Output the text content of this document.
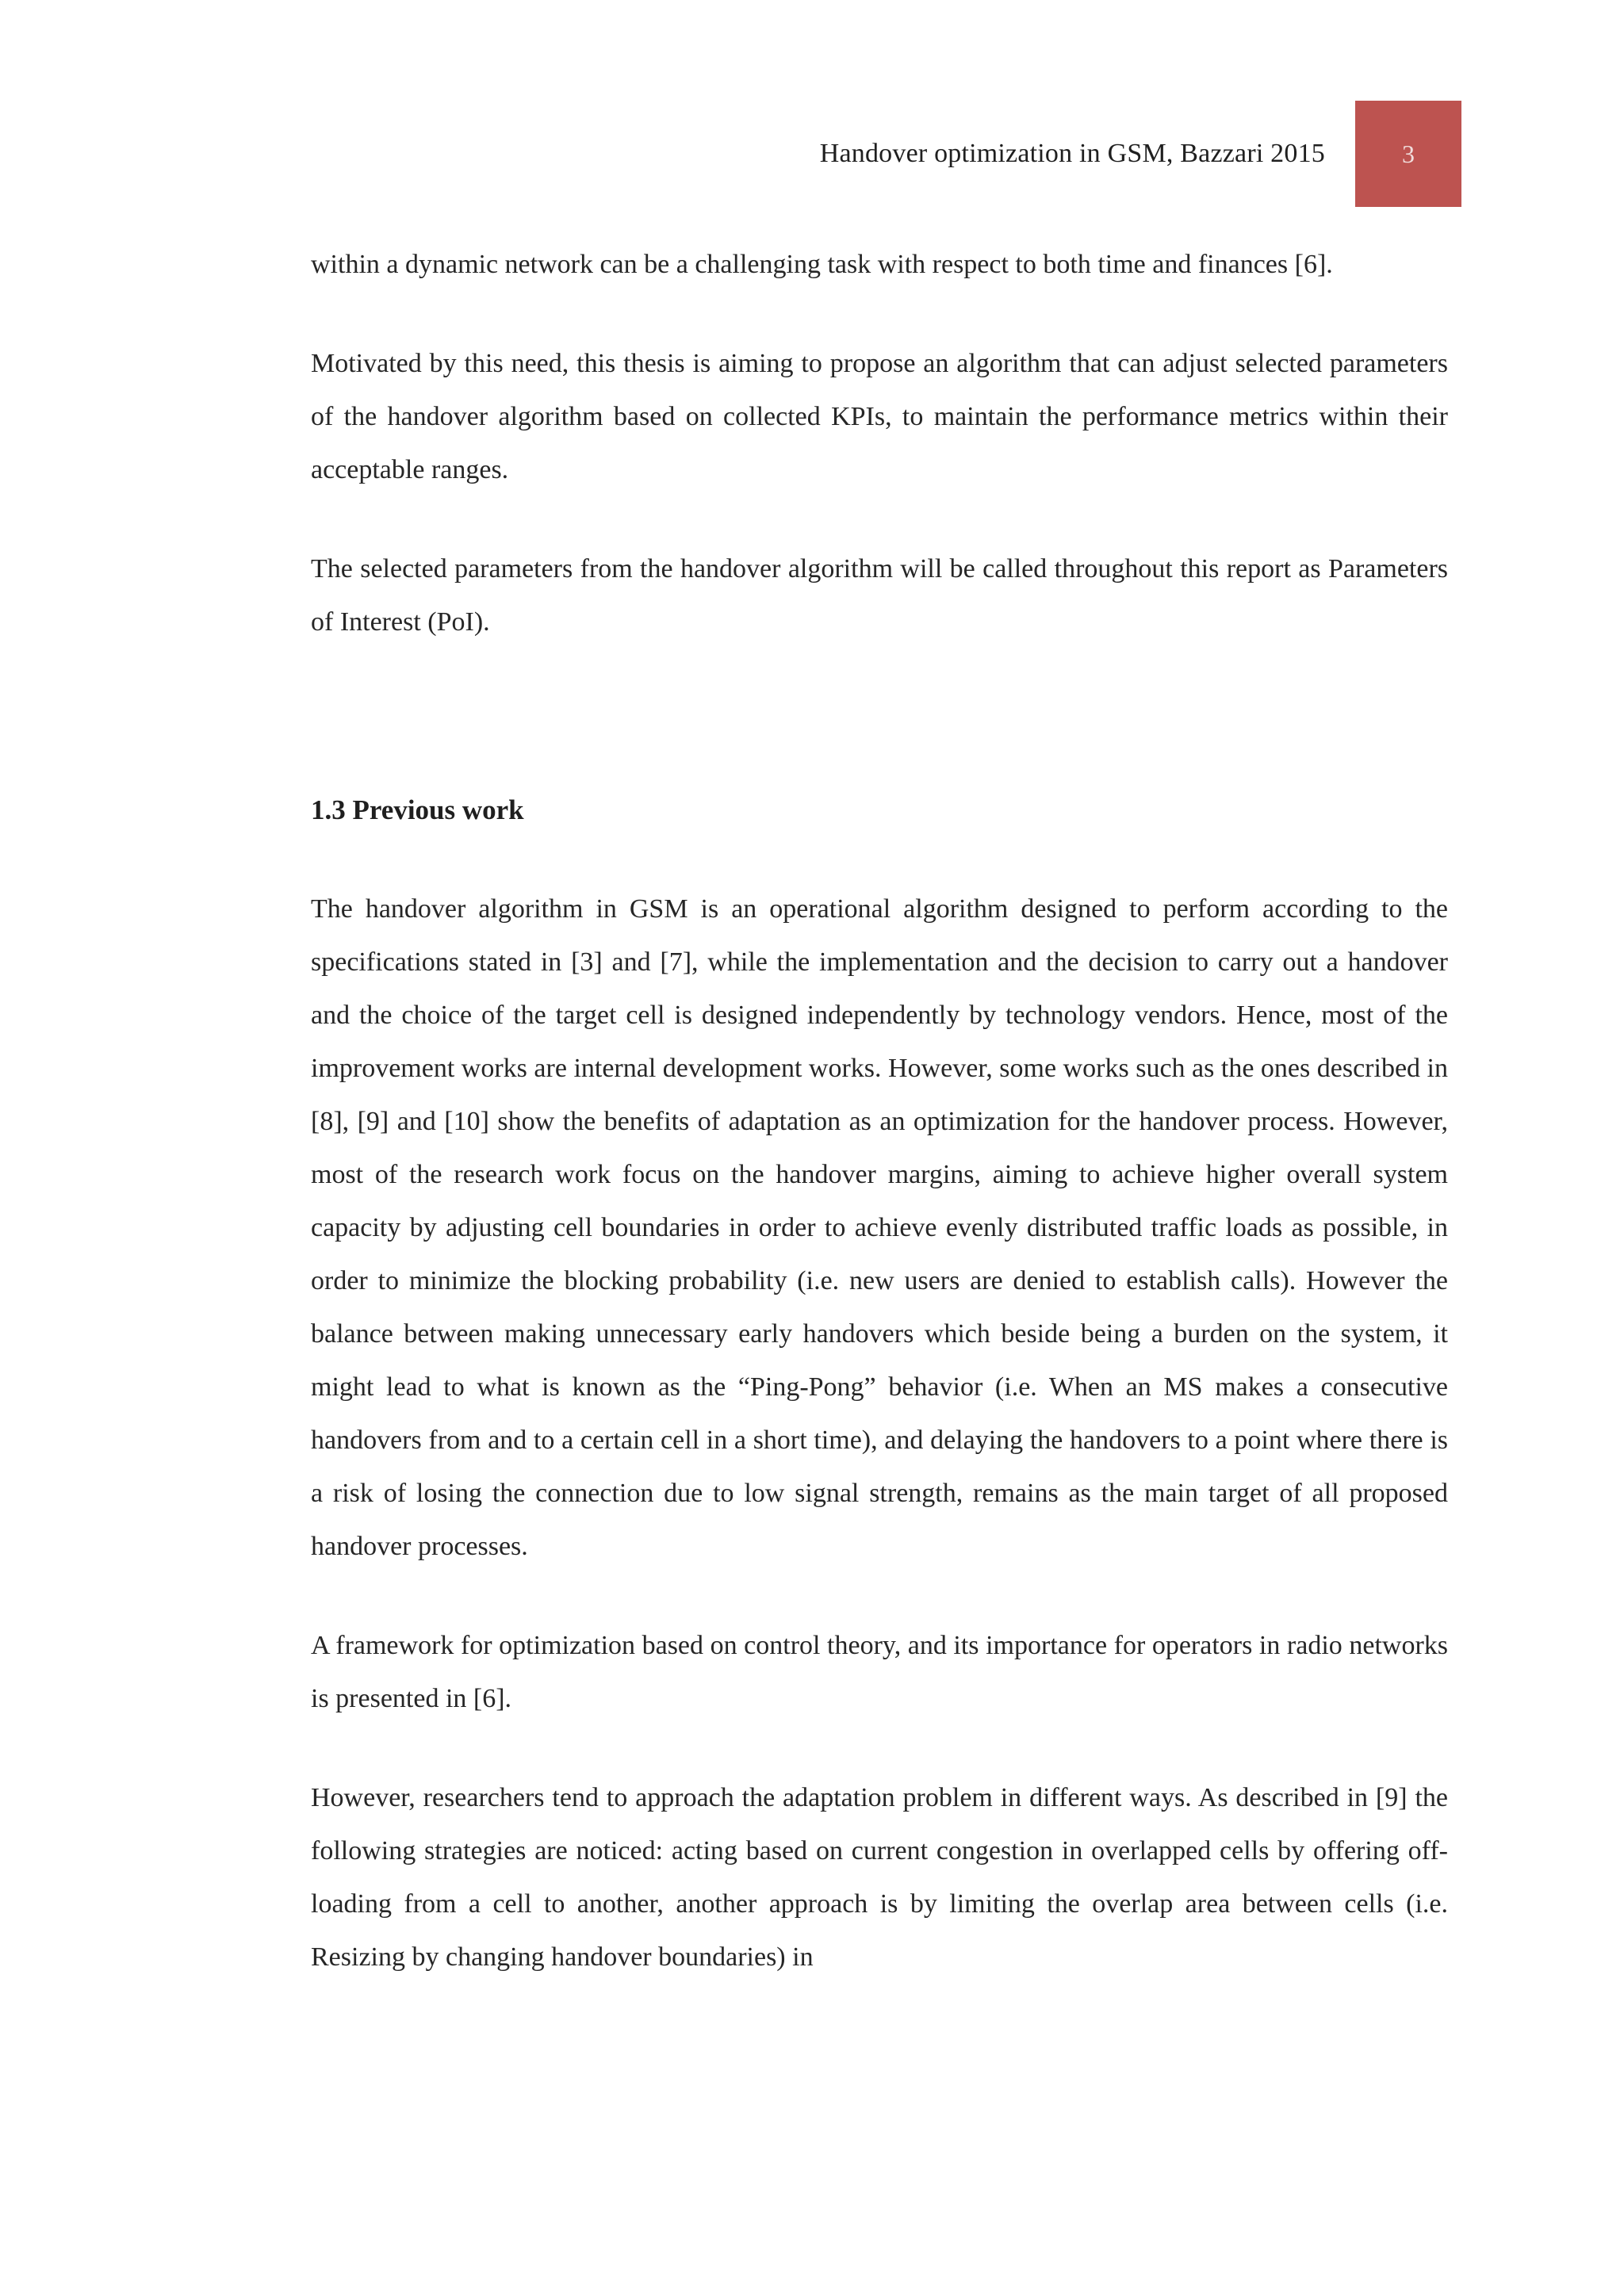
Handover optimization in GSM, Bazzari 2015	3

within a dynamic network can be a challenging task with respect to both time and finances [6].

Motivated by this need, this thesis is aiming to propose an algorithm that can adjust selected parameters of the handover algorithm based on collected KPIs, to maintain the performance metrics within their acceptable ranges.

The selected parameters from the handover algorithm will be called throughout this report as Parameters of Interest (PoI).

1.3 Previous work

The handover algorithm in GSM is an operational algorithm designed to perform according to the specifications stated in [3] and [7], while the implementation and the decision to carry out a handover and the choice of the target cell is designed independently by technology vendors. Hence, most of the improvement works are internal development works. However, some works such as the ones described in [8], [9] and [10] show the benefits of adaptation as an optimization for the handover process. However, most of the research work focus on the handover margins, aiming to achieve higher overall system capacity by adjusting cell boundaries in order to achieve evenly distributed traffic loads as possible, in order to minimize the blocking probability (i.e. new users are denied to establish calls). However the balance between making unnecessary early handovers which beside being a burden on the system, it might lead to what is known as the “Ping-Pong” behavior (i.e. When an MS makes a consecutive handovers from and to a certain cell in a short time), and delaying the handovers to a point where there is a risk of losing the connection due to low signal strength, remains as the main target of all proposed handover processes.

A framework for optimization based on control theory, and its importance for operators in radio networks is presented in [6].

However, researchers tend to approach the adaptation problem in different ways. As described in [9] the following strategies are noticed: acting based on current congestion in overlapped cells by offering off-loading from a cell to another, another approach is by limiting the overlap area between cells (i.e. Resizing by changing handover boundaries) in
